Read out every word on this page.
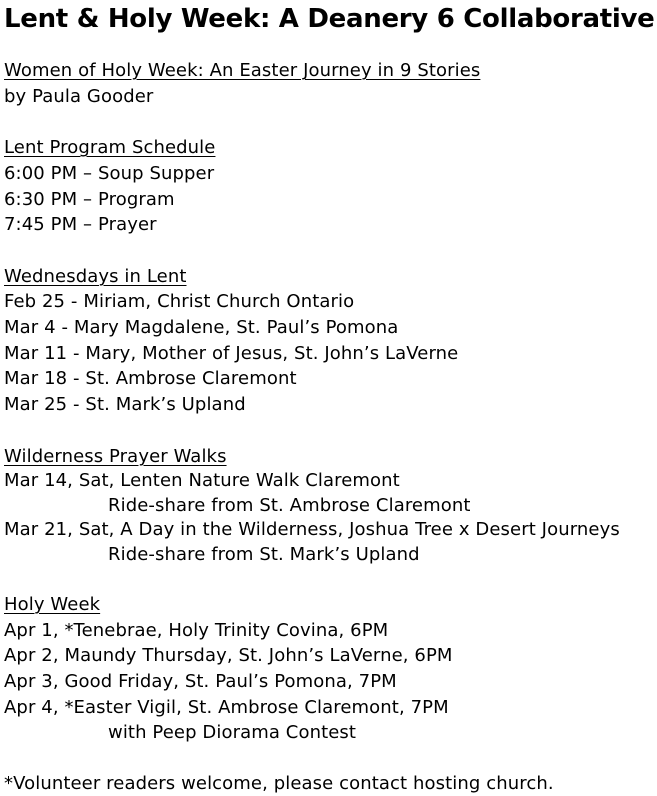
Lent & Holy Week: A Deanery 6 Collaborative
Women of Holy Week: An Easter Journey in 9 Stories
by Paula Gooder
Lent Program Schedule
6:00 PM – Soup Supper
6:30 PM – Program
7:45 PM – Prayer
Wednesdays in Lent
Feb 25 - Miriam, Christ Church Ontario
Mar 4 - Mary Magdalene, St. Paul’s Pomona
Mar 11 - Mary, Mother of Jesus, St. John’s LaVerne
Mar 18 - St. Ambrose Claremont
Mar 25 - St. Mark’s Upland
Wilderness Prayer Walks
Mar 14, Sat, Lenten Nature Walk Claremont
Ride-share from St. Ambrose Claremont
Mar 21, Sat, A Day in the Wilderness, Joshua Tree x Desert Journeys
Ride-share from St. Mark’s Upland
Holy Week
Apr 1, *Tenebrae, Holy Trinity Covina, 6PM
Apr 2, Maundy Thursday, St. John’s LaVerne, 6PM
Apr 3, Good Friday, St. Paul’s Pomona, 7PM
Apr 4, *Easter Vigil, St. Ambrose Claremont, 7PM
with Peep Diorama Contest
*Volunteer readers welcome, please contact hosting church.
